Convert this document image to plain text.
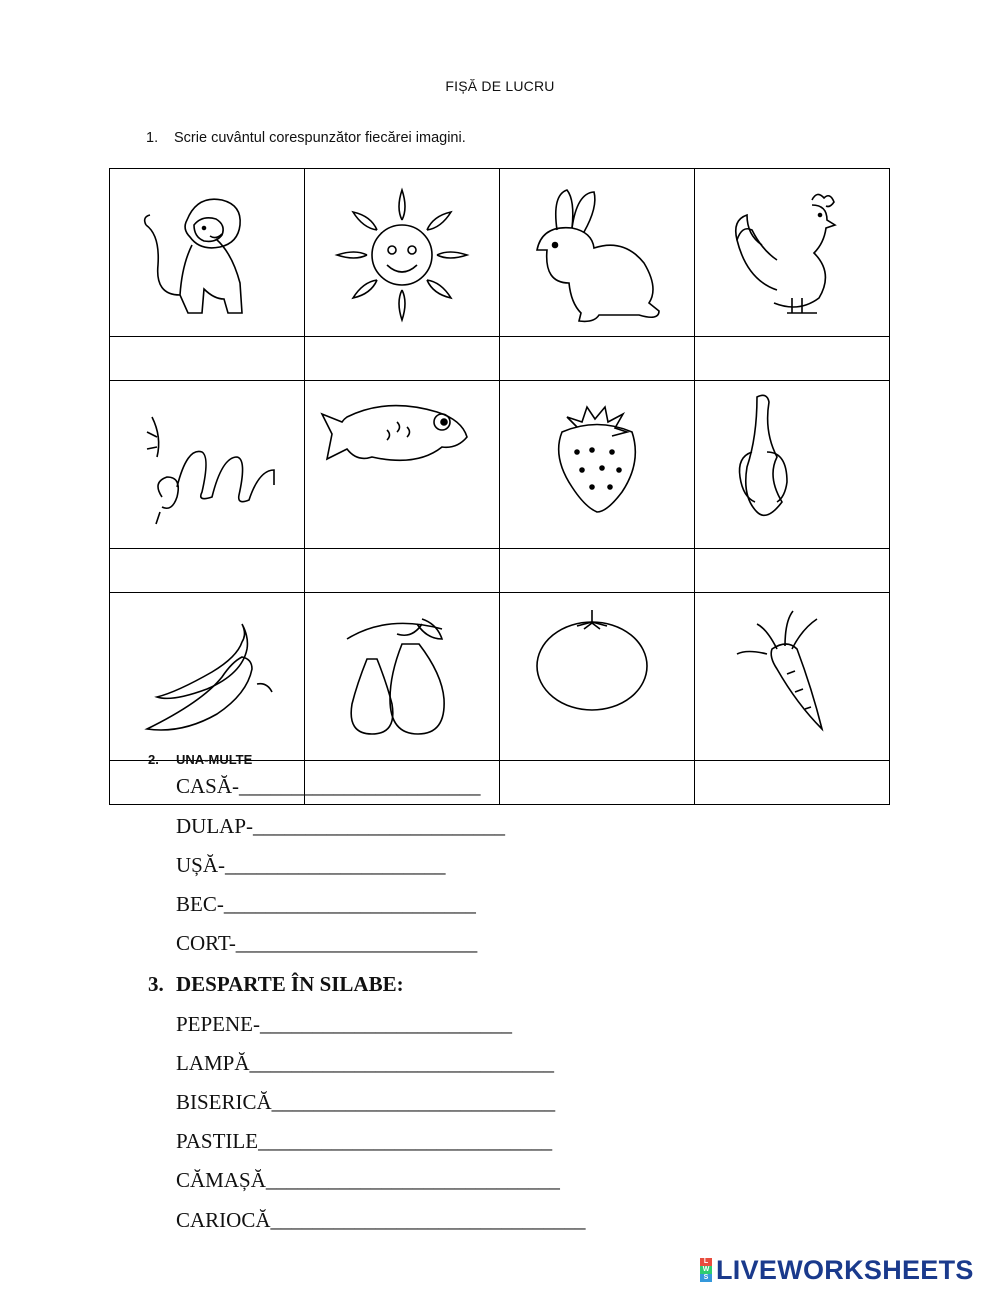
FIȘĂ DE LUCRU
1. Scrie cuvântul corespunzător fiecărei imagini.

2. UNA-MULTE
CASĂ-_______________________
DULAP-________________________
UȘĂ-_____________________
BEC-________________________
CORT-_______________________
3. DESPARTE ÎN SILABE:
PEPENE-________________________
LAMPĂ_____________________________
BISERICĂ___________________________
PASTILE____________________________
CĂMAȘĂ____________________________
CARIOCĂ______________________________
L
W
S LIVEWORKSHEETS
